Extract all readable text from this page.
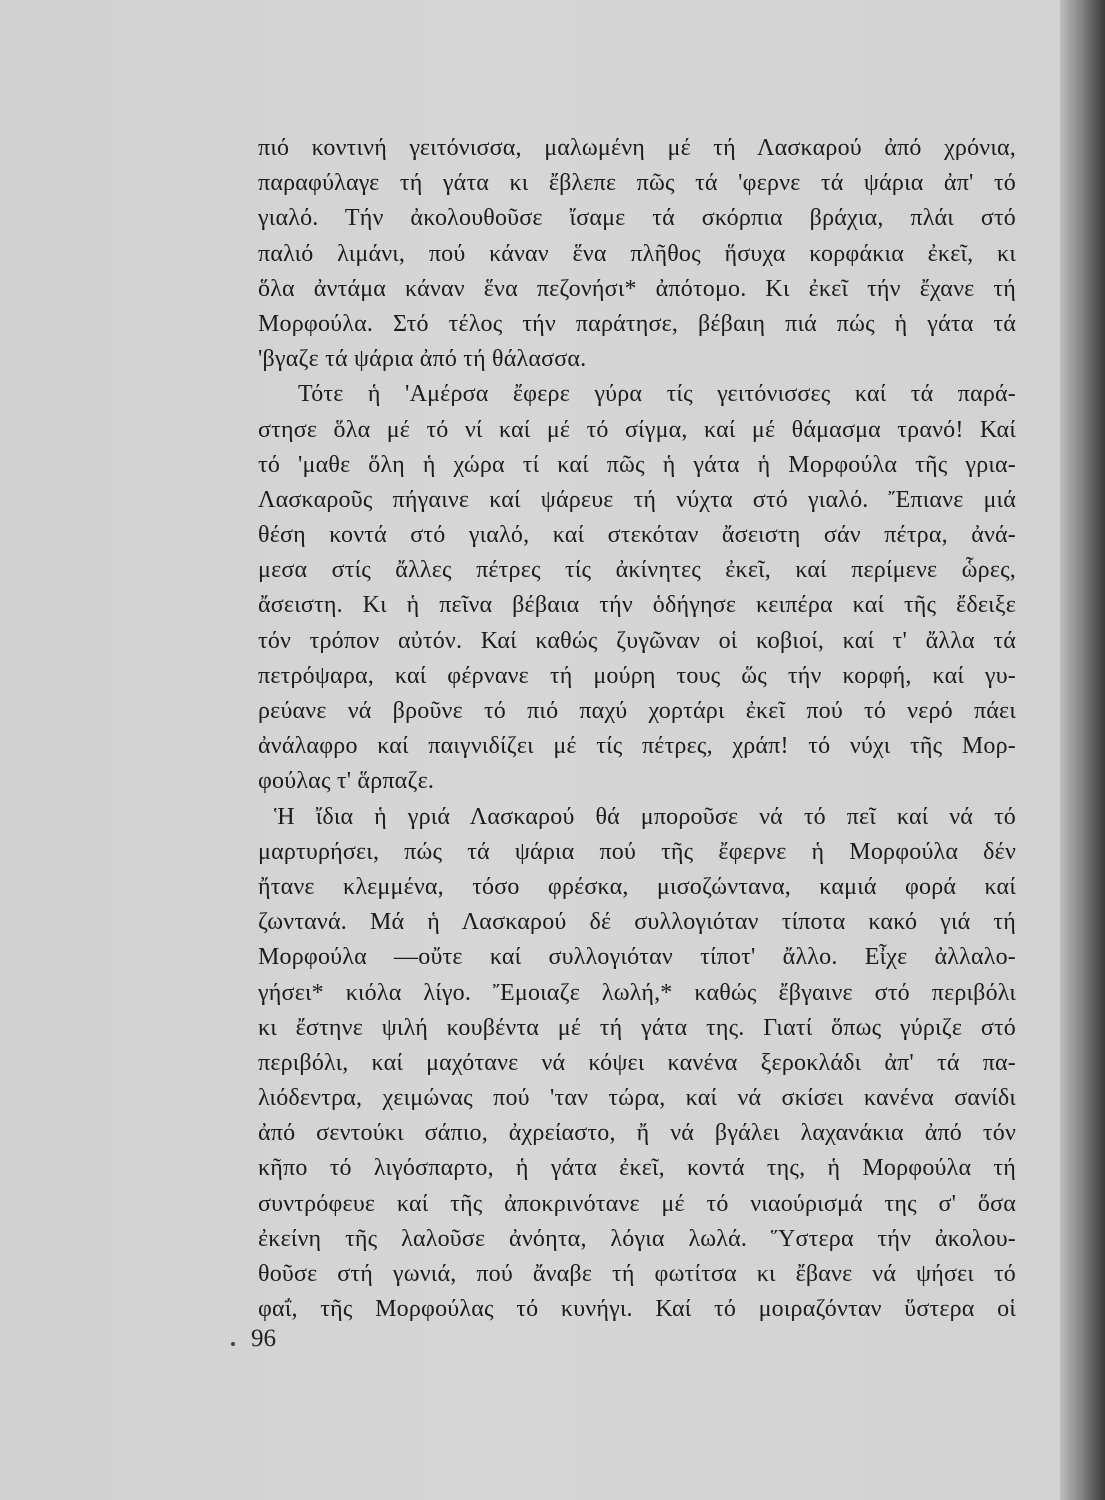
πιό κοντινή γειτόνισσα, μαλωμένη μέ τή Λασκαρού ἀπό χρόνια,
παραφύλαγε τή γάτα κι ἔβλεπε πῶς τά 'φερνε τά ψάρια ἀπ' τό
γιαλό. Τήν ἀκολουθοῦσε ἴσαμε τά σκόρπια βράχια, πλάι στό
παλιό λιμάνι, πού κάναν ἕνα πλῆθος ἥσυχα κορφάκια ἐκεῖ, κι
ὅλα ἀντάμα κάναν ἕνα πεζονήσι* ἀπότομο. Κι ἐκεῖ τήν ἔχανε τή
Μορφούλα. Στό τέλος τήν παράτησε, βέβαιη πιά πώς ἡ γάτα τά
'βγαζε τά ψάρια ἀπό τή θάλασσα.
Τότε ἡ 'Αμέρσα ἔφερε γύρα τίς γειτόνισσες καί τά παρά-
στησε ὅλα μέ τό νί καί μέ τό σίγμα, καί μέ θάμασμα τρανό! Καί
τό 'μαθε ὅλη ἡ χώρα τί καί πῶς ἡ γάτα ἡ Μορφούλα τῆς γρια-
Λασκαροῦς πήγαινε καί ψάρευε τή νύχτα στό γιαλό. Ἔπιανε μιά
θέση κοντά στό γιαλό, καί στεκόταν ἄσειστη σάν πέτρα, ἀνά-
μεσα στίς ἄλλες πέτρες τίς ἀκίνητες ἐκεῖ, καί περίμενε ὧρες,
ἄσειστη. Κι ἡ πεῖνα βέβαια τήν ὁδήγησε κειπέρα καί τῆς ἔδειξε
τόν τρόπον αὐτόν. Καί καθώς ζυγῶναν οἱ κοβιοί, καί τ' ἄλλα τά
πετρόψαρα, καί φέρνανε τή μούρη τους ὥς τήν κορφή, καί γυ-
ρεύανε νά βροῦνε τό πιό παχύ χορτάρι ἐκεῖ πού τό νερό πάει
ἀνάλαφρο καί παιγνιδίζει μέ τίς πέτρες, χράπ! τό νύχι τῆς Μορ-
φούλας τ' ἅρπαζε.
Ἡ ἴδια ἡ γριά Λασκαρού θά μποροῦσε νά τό πεῖ καί νά τό
μαρτυρήσει, πώς τά ψάρια πού τῆς ἔφερνε ἡ Μορφούλα δέν
ἤτανε κλεμμένα, τόσο φρέσκα, μισοζώντανα, καμιά φορά καί
ζωντανά. Μά ἡ Λασκαρού δέ συλλογιόταν τίποτα κακό γιά τή
Μορφούλα —οὔτε καί συλλογιόταν τίποτ' ἄλλο. Εἶχε ἀλλαλο-
γήσει* κιόλα λίγο. Ἔμοιαζε λωλή,* καθώς ἔβγαινε στό περιβόλι
κι ἔστηνε ψιλή κουβέντα μέ τή γάτα της. Γιατί ὅπως γύριζε στό
περιβόλι, καί μαχότανε νά κόψει κανένα ξεροκλάδι ἀπ' τά πα-
λιόδεντρα, χειμώνας πού 'ταν τώρα, καί νά σκίσει κανένα σανίδι
ἀπό σεντούκι σάπιο, ἀχρείαστο, ἤ νά βγάλει λαχανάκια ἀπό τόν
κῆπο τό λιγόσπαρτο, ἡ γάτα ἐκεῖ, κοντά της, ἡ Μορφούλα τή
συντρόφευε καί τῆς ἀποκρινότανε μέ τό νιαούρισμά της σ' ὅσα
ἐκείνη τῆς λαλοῦσε ἀνόητα, λόγια λωλά. Ὕστερα τήν ἀκολου-
θοῦσε στή γωνιά, πού ἄναβε τή φωτίτσα κι ἔβανε νά ψήσει τό
φαΐ, τῆς Μορφούλας τό κυνήγι. Καί τό μοιραζόνταν ὕστερα οἱ
96
